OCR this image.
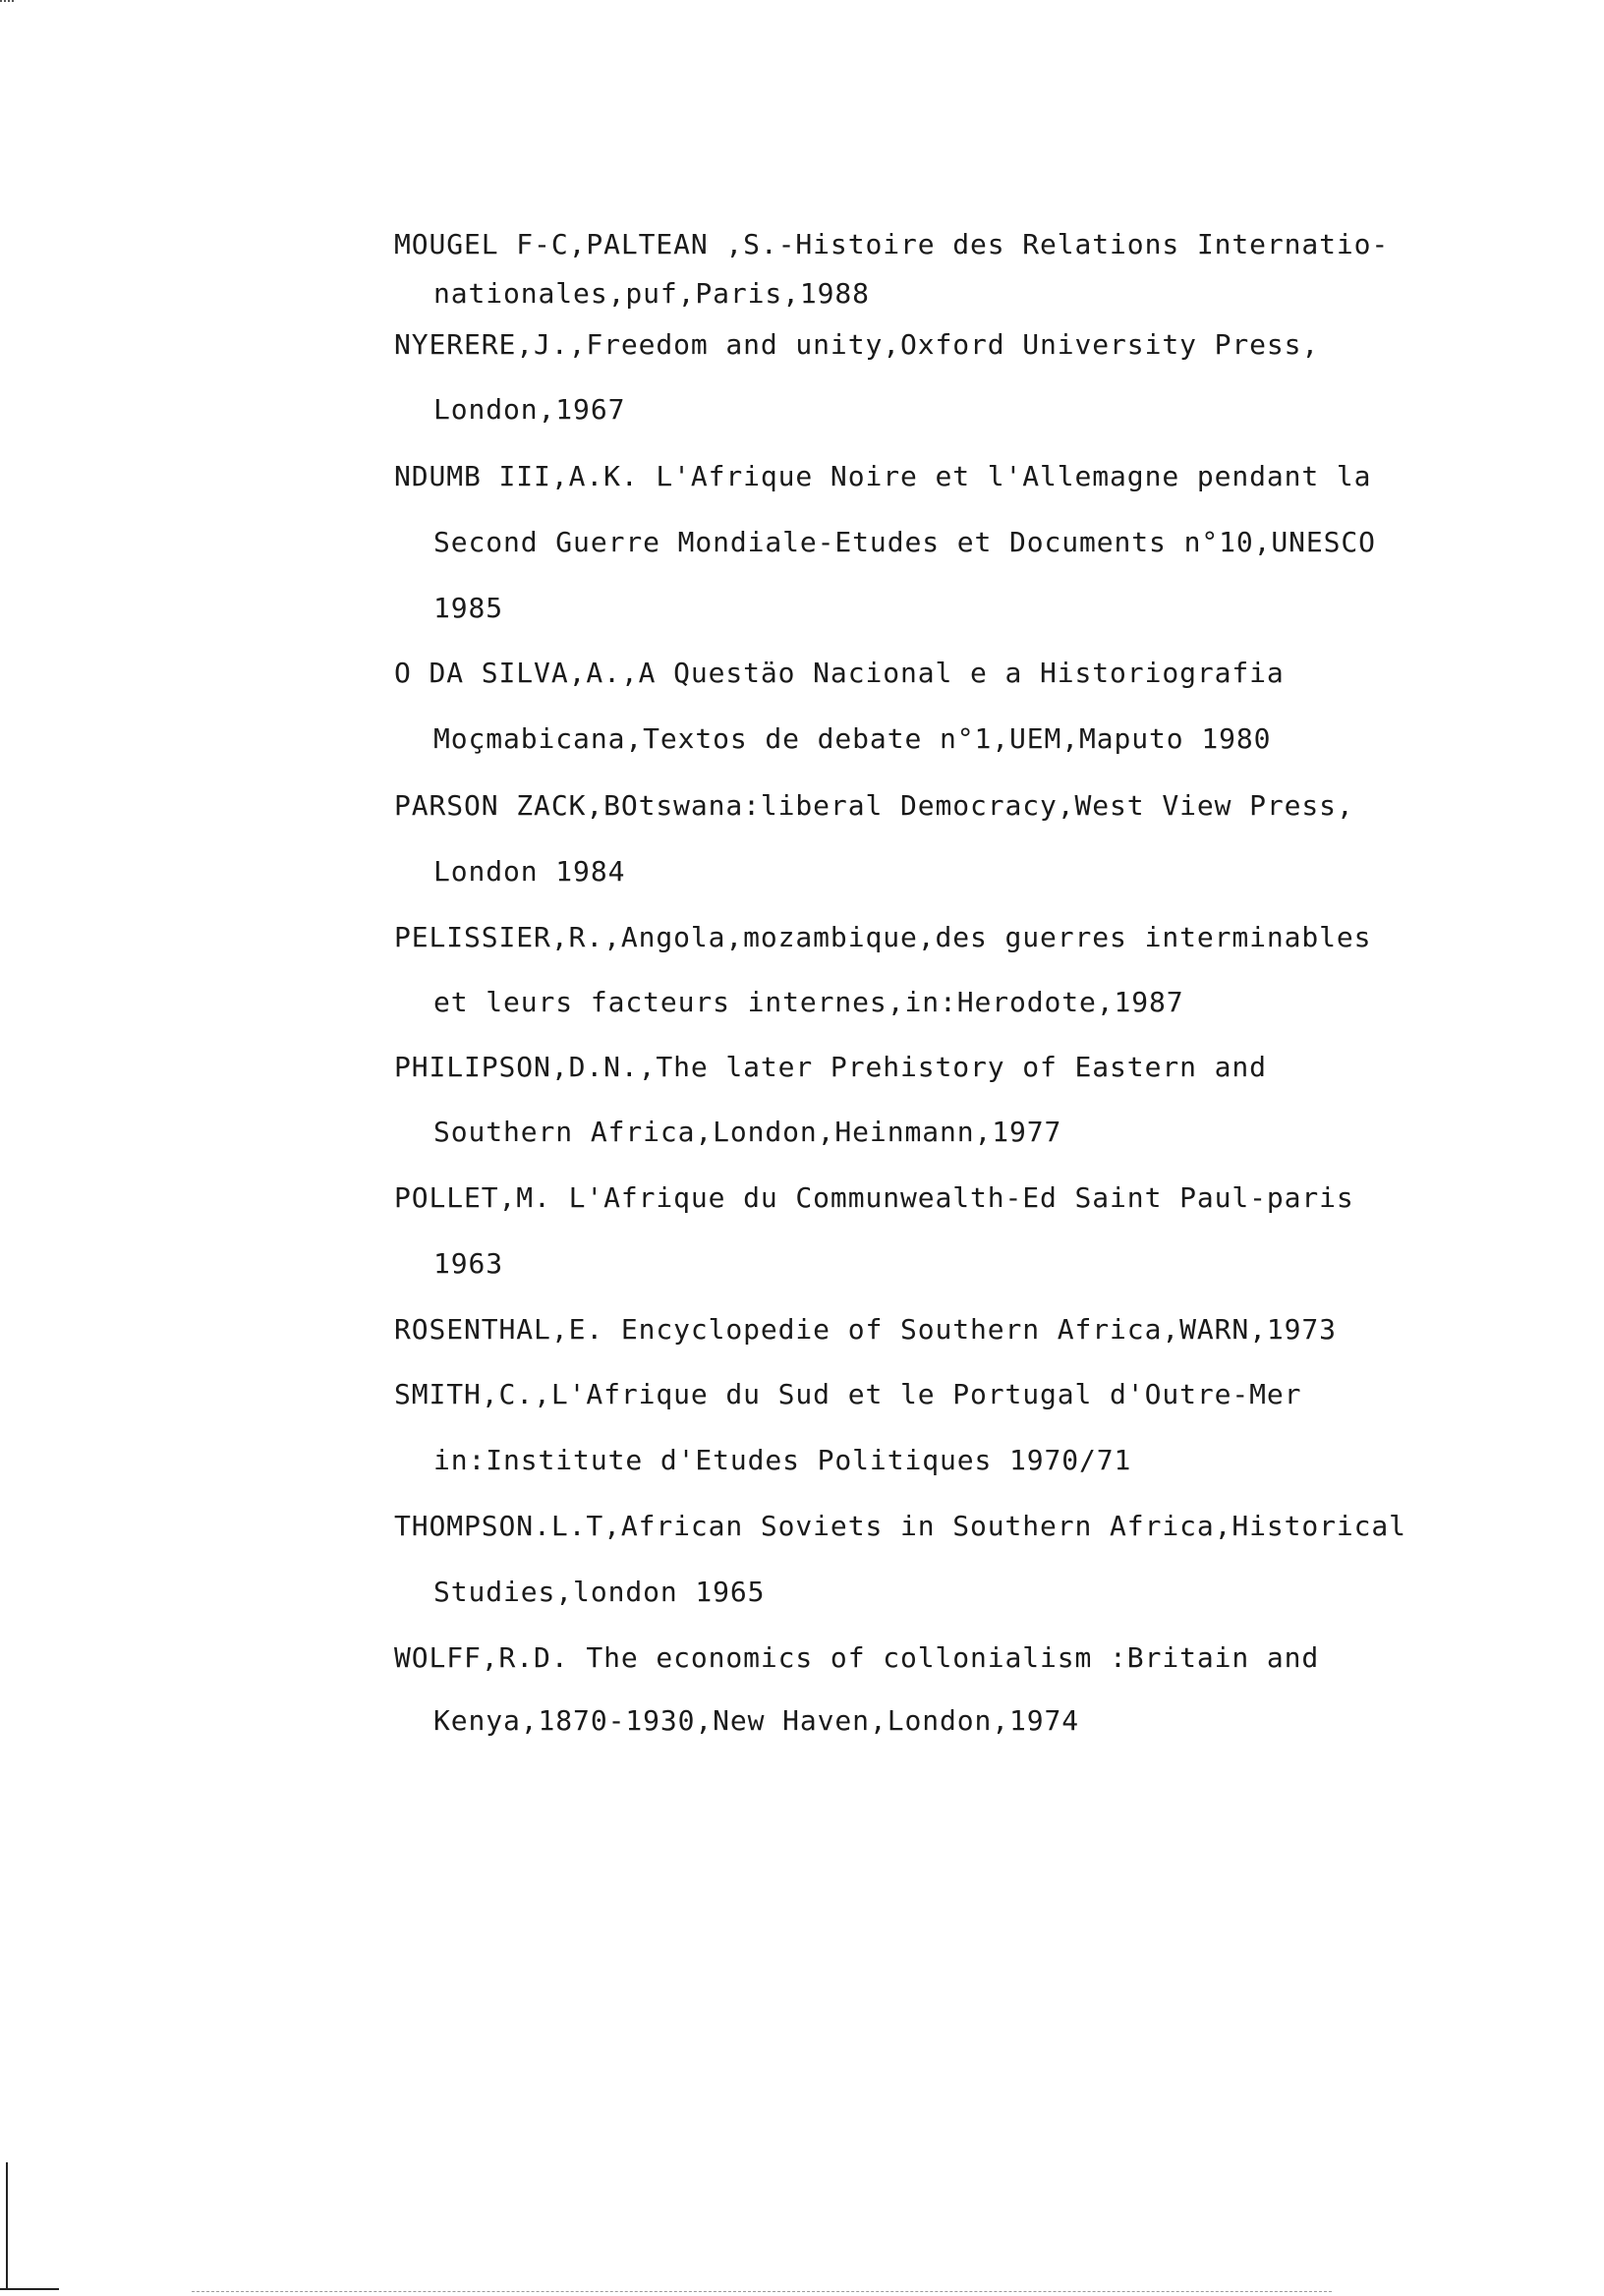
MOUGEL F-C,PALTEAN ,S.-Histoire des Relations Internatio-
nationales,puf,Paris,1988
NYERERE,J.,Freedom and unity,Oxford University Press,
London,1967
NDUMB III,A.K. L'Afrique Noire et l'Allemagne pendant la
Second Guerre Mondiale-Etudes et Documents n°10,UNESCO
1985
O DA SILVA,A.,A Questäo Nacional e a Historiografia
Moçmabicana,Textos de debate n°1,UEM,Maputo 1980
PARSON ZACK,BOtswana:liberal Democracy,West View Press,
London 1984
PELISSIER,R.,Angola,mozambique,des guerres interminables
et leurs facteurs internes,in:Herodote,1987
PHILIPSON,D.N.,The later Prehistory of Eastern and
Southern Africa,London,Heinmann,1977
POLLET,M. L'Afrique du Communwealth-Ed Saint Paul-paris
1963
ROSENTHAL,E. Encyclopedie of Southern Africa,WARN,1973
SMITH,C.,L'Afrique du Sud et le Portugal d'Outre-Mer
in:Institute d'Etudes Politiques 1970/71
THOMPSON.L.T,African Soviets in Southern Africa,Historical
Studies,london 1965
WOLFF,R.D. The economics of collonialism :Britain and
Kenya,1870-1930,New Haven,London,1974
